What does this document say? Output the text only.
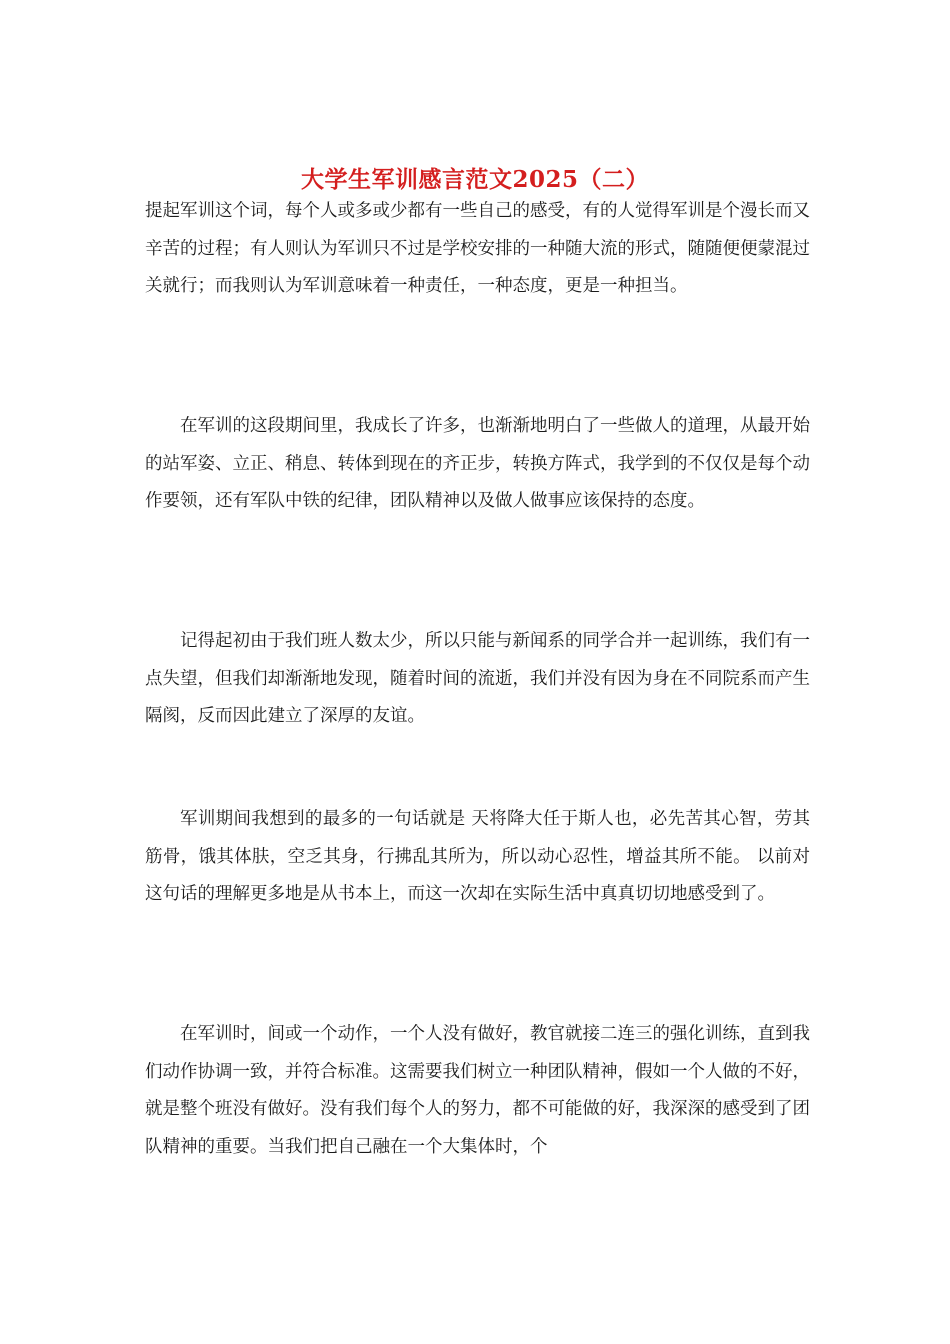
大学生军训感言范文2025（二）

提起军训这个词，每个人或多或少都有一些自己的感受，有的人觉得军训是个漫长而又辛苦的过程；有人则认为军训只不过是学校安排的一种随大流的形式，随随便便蒙混过关就行；而我则认为军训意味着一种责任，一种态度，更是一种担当。

在军训的这段期间里，我成长了许多，也渐渐地明白了一些做人的道理，从最开始的站军姿、立正、稍息、转体到现在的齐正步，转换方阵式，我学到的不仅仅是每个动作要领，还有军队中铁的纪律，团队精神以及做人做事应该保持的态度。

记得起初由于我们班人数太少，所以只能与新闻系的同学合并一起训练，我们有一点失望，但我们却渐渐地发现，随着时间的流逝，我们并没有因为身在不同院系而产生隔阂，反而因此建立了深厚的友谊。

军训期间我想到的最多的一句话就是 天将降大任于斯人也，必先苦其心智，劳其筋骨，饿其体肤，空乏其身，行拂乱其所为，所以动心忍性，增益其所不能。 以前对这句话的理解更多地是从书本上，而这一次却在实际生活中真真切切地感受到了。

在军训时，间或一个动作，一个人没有做好，教官就接二连三的强化训练，直到我们动作协调一致，并符合标准。这需要我们树立一种团队精神，假如一个人做的不好，就是整个班没有做好。没有我们每个人的努力，都不可能做的好，我深深的感受到了团队精神的重要。当我们把自己融在一个大集体时，个
